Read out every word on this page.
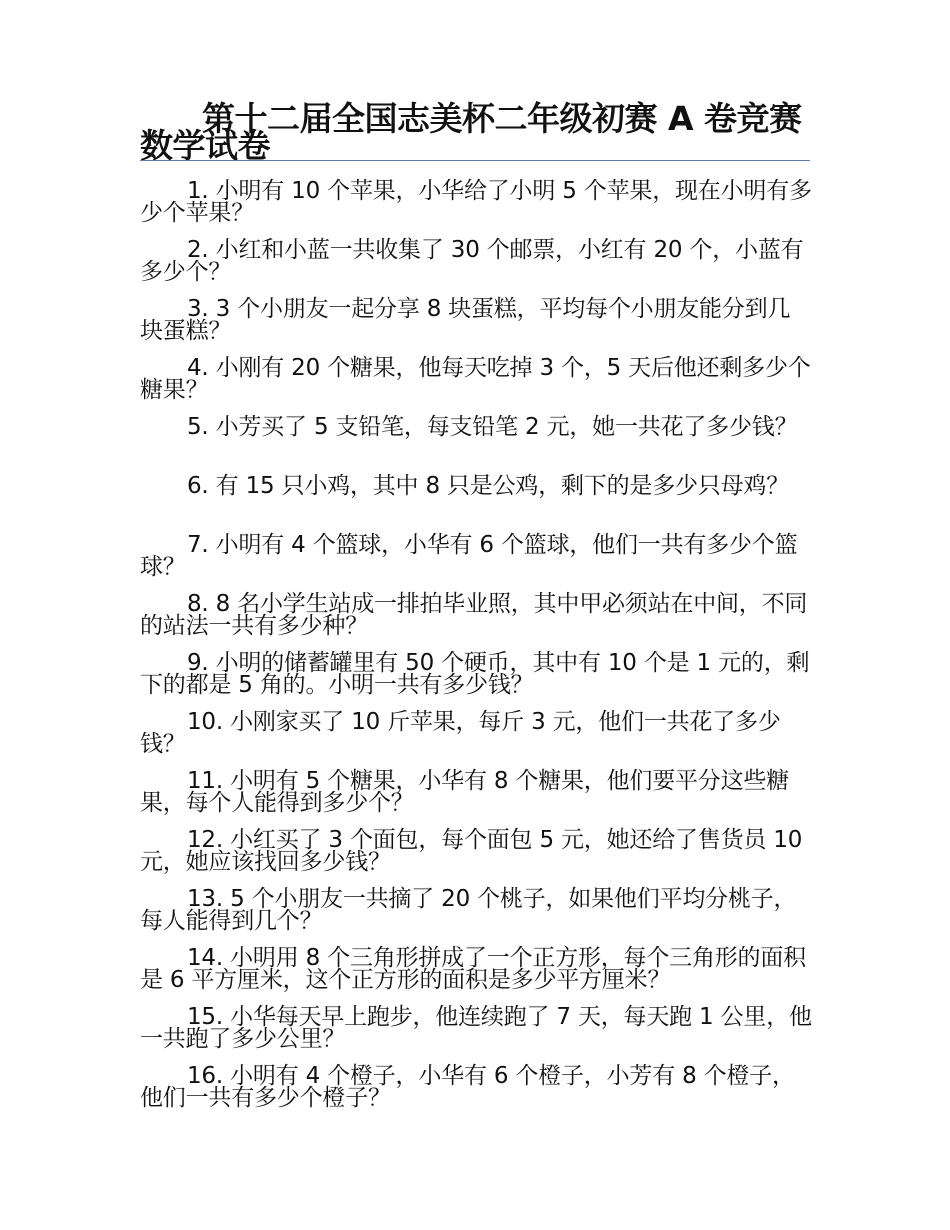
第十二届全国志美杯二年级初赛 A 卷竞赛数学试卷
1. 小明有 10 个苹果，小华给了小明 5 个苹果，现在小明有多少个苹果？
2. 小红和小蓝一共收集了 30 个邮票，小红有 20 个，小蓝有多少个？
3. 3 个小朋友一起分享 8 块蛋糕，平均每个小朋友能分到几块蛋糕？
4. 小刚有 20 个糖果，他每天吃掉 3 个，5 天后他还剩多少个糖果？
5. 小芳买了 5 支铅笔，每支铅笔 2 元，她一共花了多少钱？
6. 有 15 只小鸡，其中 8 只是公鸡，剩下的是多少只母鸡？
7. 小明有 4 个篮球，小华有 6 个篮球，他们一共有多少个篮球？
8. 8 名小学生站成一排拍毕业照，其中甲必须站在中间，不同的站法一共有多少种？
9. 小明的储蓄罐里有 50 个硬币，其中有 10 个是 1 元的，剩下的都是 5 角的。小明一共有多少钱？
10. 小刚家买了 10 斤苹果，每斤 3 元，他们一共花了多少钱？
11. 小明有 5 个糖果，小华有 8 个糖果，他们要平分这些糖果，每个人能得到多少个？
12. 小红买了 3 个面包，每个面包 5 元，她还给了售货员 10 元，她应该找回多少钱？
13. 5 个小朋友一共摘了 20 个桃子，如果他们平均分桃子，每人能得到几个？
14. 小明用 8 个三角形拼成了一个正方形，每个三角形的面积是 6 平方厘米，这个正方形的面积是多少平方厘米？
15. 小华每天早上跑步，他连续跑了 7 天，每天跑 1 公里，他一共跑了多少公里？
16. 小明有 4 个橙子，小华有 6 个橙子，小芳有 8 个橙子，他们一共有多少个橙子？
